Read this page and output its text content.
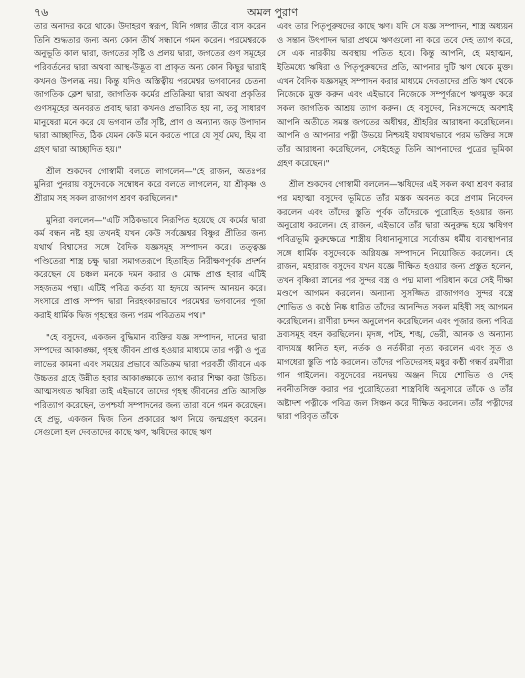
৭৬	অমল পুরাণ

তার অনাদর করে থাকে। উদাহরণ স্বরূপ, যিনি গঙ্গার তীরে বাস করেন তিনি শুদ্ধতার জন্য অন্য কোন তীর্থ সন্ধানে গমন করেন। পরমেশ্বরকে অনুভূতি কাল দ্বারা, জগতের সৃষ্টি ও প্রলয় দ্বারা, জগতের গুণ সমূহের পরিবর্তনের দ্বারা অথবা আস্থ-উদ্ভূত বা প্রাকৃত অন্য কোন কিছুর দ্বারাই কখনও উপলব্ধ নয়। কিন্তু যদিও অস্তিত্বীয় পরমেশ্বর ভগবানের চেতনা জাগতিক ক্লেশ দ্বারা, জাগতিক কর্মের প্রতিক্রিয়া দ্বারা অথবা প্রকৃতির গুণসমূহের অনবরত প্রবাহ দ্বারা কখনও প্রভাবিত হয় না, তবু সাধারণ মানুষেরা মনে করে যে ভগবান তাঁর সৃষ্টি, প্রাণ ও অন্যান্য জড় উপাদান দ্বারা আচ্ছাদিত, ঠিক যেমন কেউ মনে করতে পারে যে সূর্য মেঘ, হিম বা গ্রহণ দ্বারা আচ্ছাদিত হয়।"

শ্রীল শুকদেব গোস্বামী বলতে লাগলেন—"হে রাজন, অতঃপর মুনিরা পুনরায় বসুদেবকে সম্বোধন করে বলতে লাগলেন, যা শ্রীকৃষ্ণ ও শ্রীরাম সহ সকল রাজাগণ শ্রবণ করছিলেন।"

মুনিরা বললেন—"এটি সঠিকভাবে নিরূপিত হয়েছে যে কর্মের দ্বারা কর্ম বন্ধন নষ্ট হয় তখনই যখন কেউ সর্বজ্ঞেশ্বর বিষ্ণুর প্রীতির জন্য যথার্থ বিশ্বাসের সঙ্গে বৈদিক যজ্ঞসমূহ সম্পাদন করে। তত্ত্বজ্ঞ পণ্ডিতেরা শাস্ত্র চক্ষু দ্বারা সমাগতরূপে হিতাহিত নিরীক্ষণপূর্বক প্রদর্শন করেছেন যে চঞ্চল মনকে দমন করার ও মোক্ষ প্রাপ্ত হবার এটিই সহজতম পন্থা। এটিই পবিত্র কর্তব্য যা হৃদয়ে আনন্দ আনয়ন করে। সংসারে প্রাপ্ত সম্পদ দ্বারা নিরহংকারভাবে পরমেশ্বর ভগবানের পূজা করাই ধার্মিক দ্বিজ গৃহস্থের জন্য পরম পবিত্রতম পথ।"

"হে বসুদেব, একজন বুদ্ধিমান ব্যক্তির যজ্ঞ সম্পাদন, দানের দ্বারা সম্পদের আকাঙ্ক্ষা, গৃহস্থ জীবন প্রাপ্ত হওয়ার মাধ্যমে তার পত্নী ও পুত্র লাভের কামনা এবং সময়ের প্রভাবে অতিক্রম দ্বারা পরবর্তী জীবনে এক উচ্চতর গ্রহে উন্নীত হবার আকাঙ্ক্ষাকে ত্যাগ করার শিক্ষা করা উচিত। আত্মসংযত ঋষিরা তাই এইভাবে তাদের গৃহস্থ জীবনের প্রতি আসক্তি পরিত্যাগ করেছেন, তপশ্চর্যা সম্পাদনের জন্য তারা বনে গমন করেছেন। হে প্রভু, একজন দ্বিজ তিন প্রকারের ঋণ নিয়ে জন্মগ্রহণ করেন। সেগুলো হল দেবতাদের কাছে ঋণ, ঋষিদের কাছে ঋণ

এবং তার পিতৃপুরুষদের কাছে ঋণ। যদি সে যজ্ঞ সম্পাদন, শাস্ত্র অধ্যয়ন ও সন্তান উৎপাদন দ্বারা প্রথমে ঋণগুলো না করে তবে দেহ ত্যাগ করে, সে এক নারকীয় অবস্থায় পতিত হবে। কিন্তু আপনি, হে মহাত্মন, ইতিমধ্যে ঋষিরা ও পিতৃপুরুষদের প্রতি, আপনার দুটি ঋণ থেকে মুক্ত। এখন বৈদিক যজ্ঞসমূহ সম্পাদন করার মাধ্যমে দেবতাদের প্রতি ঋণ থেকে নিজেকে মুক্ত করুন এবং এইভাবে নিজেকে সম্পূর্ণরূপে ঋণমুক্ত করে সকল জাগতিক আশ্রয় ত্যাগ করুন। হে বসুদেব, নিঃসন্দেহে অবশ্যই আপনি অতীতে সমস্ত জগতের অধীশ্বর, শ্রীহরির আরাধনা করেছিলেন। আপনি ও আপনার পত্নী উভয়ে নিশ্চয়ই যথাযথভাবে পরম ভক্তির সঙ্গে তাঁর আরাধনা করেছিলেন, সেইহেতু তিনি আপনাদের পুত্রের ভূমিকা গ্রহণ করেছেন।"

শ্রীল শুকদেব গোস্বামী বললেন—ঋষিদের এই সকল কথা শ্রবণ করার পর মহাত্মা বসুদেব ভূমিতে তাঁর মস্তক অবনত করে প্রণাম নিবেদন করলেন এবং তাঁদের স্তুতি পূর্বক তাঁদেরকে পুরোহিত হওয়ার জন্য অনুরোধ করলেন। হে রাজন, এইভাবে তাঁর দ্বারা অনুরুদ্ধ হয়ে ঋষিগণ পবিত্রভূমি কুরুক্ষেত্রে শাস্ত্রীয় বিধানানুসারে সর্বোত্তম ধর্মীয় ব্যবস্থাপনার সঙ্গে ধার্মিক বসুদেবকে অগ্নিযজ্ঞ সম্পাদনে নিয়োজিত করলেন। হে রাজন, মহারাজ বসুদেব যখন যজ্ঞে দীক্ষিত হওয়ার জন্য প্রস্তুত হলেন, তখন বৃষ্ণিরা স্নানের পর সুন্দর বস্ত্র ও পদ্ম মালা পরিধান করে সেই দীক্ষা মণ্ডপে আগমন করলেন। অন্যান্য সুসজ্জিত রাজাগণও সুন্দর বস্ত্রে শোভিত ও কণ্ঠে নিষ্ক ধারিত তাঁদের আনন্দিত সকল মহিষী সহ আগমন করেছিলেন। রাণীরা চন্দন অনুলেপন করেছিলেন এবং পূজার জন্য পবিত্র দ্রব্যসমূহ বহন করছিলেন। মৃদঙ্গ, পটহ, শঙ্খ, ভেরী, আনক ও অন্যান্য বাদ্যযন্ত্র ধ্বনিত হল, নর্তক ও নর্তকীরা নৃত্য করলেন এবং সূত ও মাগধেরা স্তুতি পাঠ করলেন। তাঁদের পতিদেরসহ মধুর কণ্ঠী গন্ধর্ব রমণীরা গান গাইলেন। বসুদেবের নয়নদ্বয় অঞ্জন দিয়ে শোভিত ও দেহ নবনীতসিক্ত করার পর পুরোহিতেরা শাস্ত্রবিধি অনুসারে তাঁকে ও তাঁর অষ্টাদশ পত্নীকে পবিত্র জল সিঞ্চন করে দীক্ষিত করলেন। তাঁর পত্নীদের দ্বারা পরিবৃত তাঁকে
